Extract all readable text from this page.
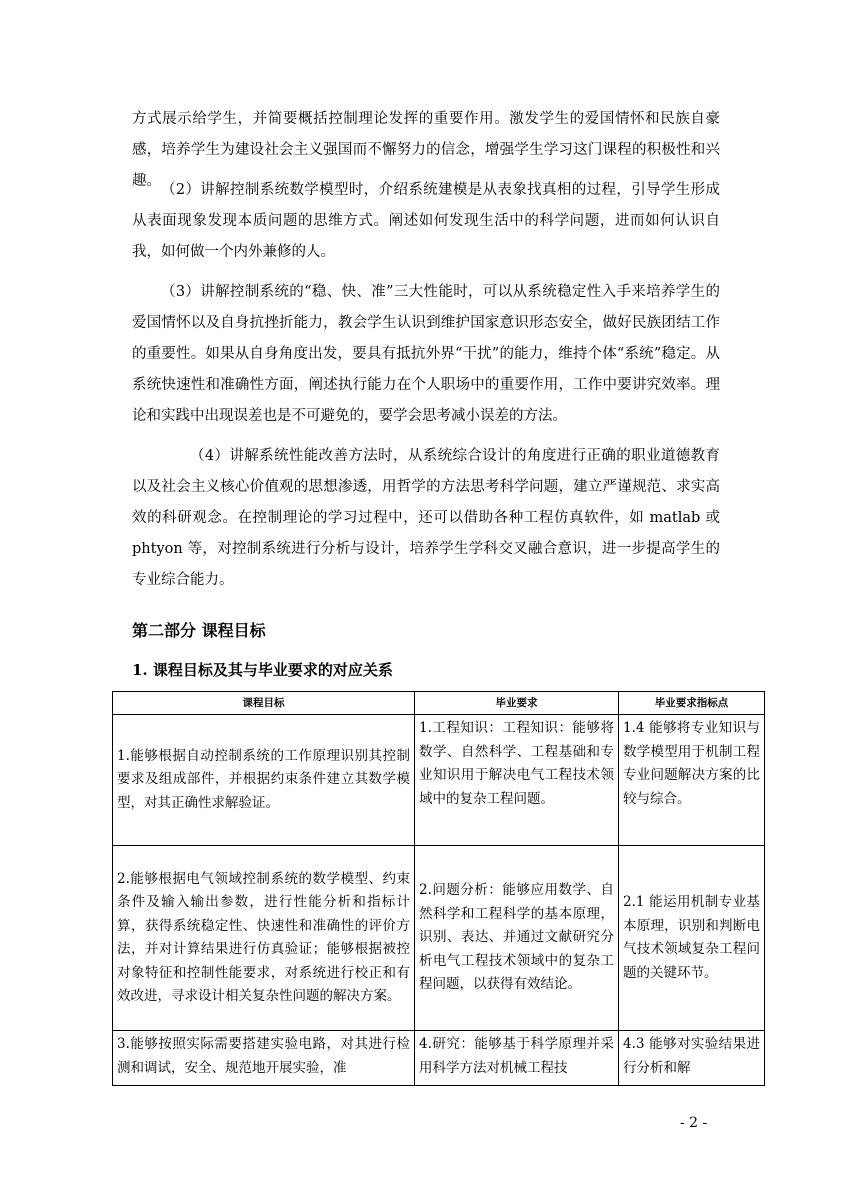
方式展示给学生，并简要概括控制理论发挥的重要作用。激发学生的爱国情怀和民族自豪感，培养学生为建设社会主义强国而不懈努力的信念，增强学生学习这门课程的积极性和兴趣。

（2）讲解控制系统数学模型时，介绍系统建模是从表象找真相的过程，引导学生形成从表面现象发现本质问题的思维方式。阐述如何发现生活中的科学问题，进而如何认识自我，如何做一个内外兼修的人。

（3）讲解控制系统的“稳、快、准”三大性能时，可以从系统稳定性入手来培养学生的爱国情怀以及自身抗挫折能力，教会学生认识到维护国家意识形态安全，做好民族团结工作的重要性。如果从自身角度出发，要具有抵抗外界“干扰”的能力，维持个体“系统”稳定。从系统快速性和准确性方面，阐述执行能力在个人职场中的重要作用，工作中要讲究效率。理论和实践中出现误差也是不可避免的，要学会思考减小误差的方法。

（4）讲解系统性能改善方法时，从系统综合设计的角度进行正确的职业道德教育以及社会主义核心价值观的思想渗透，用哲学的方法思考科学问题，建立严谨规范、求实高效的科研观念。在控制理论的学习过程中，还可以借助各种工程仿真软件，如 matlab 或 phtyon 等，对控制系统进行分析与设计，培养学生学科交叉融合意识，进一步提高学生的专业综合能力。

第二部分 课程目标
1. 课程目标及其与毕业要求的对应关系
课程目标	毕业要求	毕业要求指标点
1.能够根据自动控制系统的工作原理识别其控制要求及组成部件，并根据约束条件建立其数学模型，对其正确性求解验证。	1.工程知识：工程知识：能够将数学、自然科学、工程基础和专业知识用于解决电气工程技术领域中的复杂工程问题。	1.4 能够将专业知识与数学模型用于机制工程专业问题解决方案的比较与综合。
2.能够根据电气领域控制系统的数学模型、约束条件及输入输出参数，进行性能分析和指标计算，获得系统稳定性、快速性和准确性的评价方法，并对计算结果进行仿真验证；能够根据被控对象特征和控制性能要求，对系统进行校正和有效改进，寻求设计相关复杂性问题的解决方案。	2.问题分析：能够应用数学、自然科学和工程科学的基本原理，识别、表达、并通过文献研究分析电气工程技术领域中的复杂工程问题，以获得有效结论。	2.1 能运用机制专业基本原理，识别和判断电气技术领域复杂工程问题的关键环节。
3.能够按照实际需要搭建实验电路，对其进行检测和调试，安全、规范地开展实验，准	4.研究：能够基于科学原理并采用科学方法对机械工程技	4.3 能够对实验结果进行分析和解
- 2 -
